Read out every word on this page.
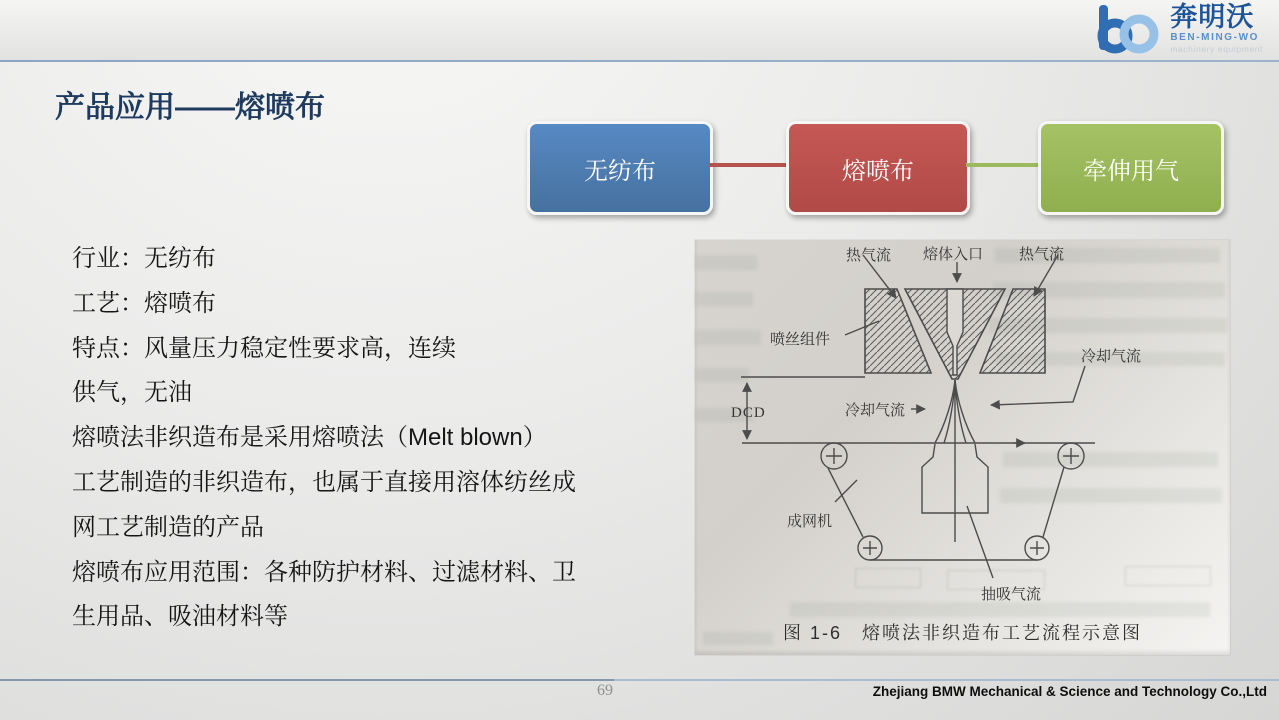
奔明沃
BEN-MING-WO
machinery equipment
产品应用——熔喷布
无纺布	熔喷布	牵伸用气
行业：无纺布
工艺：熔喷布
特点：风量压力稳定性要求高，连续
供气，无油
熔喷法非织造布是采用熔喷法（Melt blown）
工艺制造的非织造布，也属于直接用溶体纺丝成
网工艺制造的产品
熔喷布应用范围：各种防护材料、过滤材料、卫
生用品、吸油材料等
热气流 熔体入口 热气流
喷丝组件
冷却气流
冷却气流
DCD
成网机
抽吸气流
图 1-6　熔喷法非织造布工艺流程示意图
69	Zhejiang BMW Mechanical & Science and Technology Co.,Ltd
